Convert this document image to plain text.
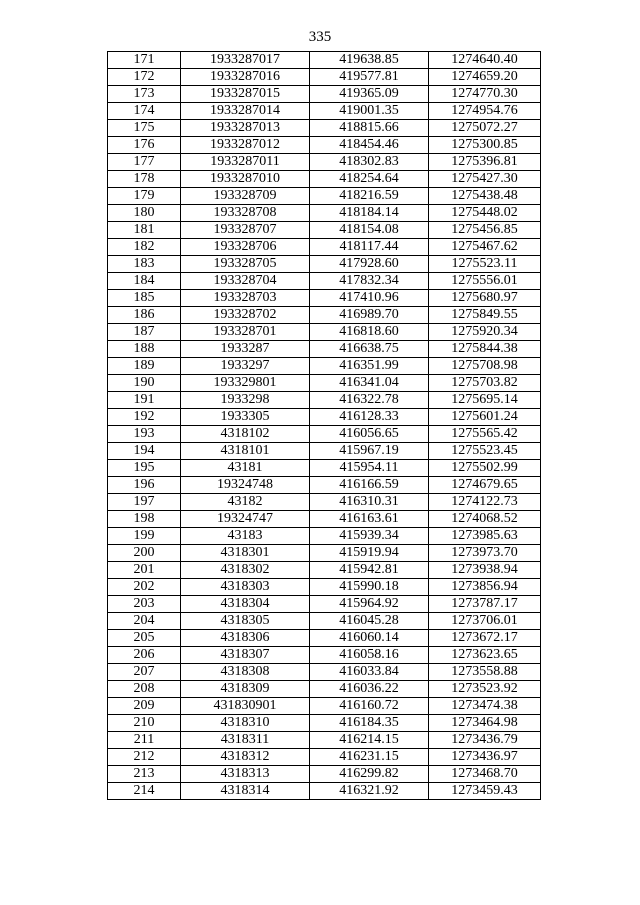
335
171	1933287017	419638.85	1274640.40
172	1933287016	419577.81	1274659.20
173	1933287015	419365.09	1274770.30
174	1933287014	419001.35	1274954.76
175	1933287013	418815.66	1275072.27
176	1933287012	418454.46	1275300.85
177	1933287011	418302.83	1275396.81
178	1933287010	418254.64	1275427.30
179	193328709	418216.59	1275438.48
180	193328708	418184.14	1275448.02
181	193328707	418154.08	1275456.85
182	193328706	418117.44	1275467.62
183	193328705	417928.60	1275523.11
184	193328704	417832.34	1275556.01
185	193328703	417410.96	1275680.97
186	193328702	416989.70	1275849.55
187	193328701	416818.60	1275920.34
188	1933287	416638.75	1275844.38
189	1933297	416351.99	1275708.98
190	193329801	416341.04	1275703.82
191	1933298	416322.78	1275695.14
192	1933305	416128.33	1275601.24
193	4318102	416056.65	1275565.42
194	4318101	415967.19	1275523.45
195	43181	415954.11	1275502.99
196	19324748	416166.59	1274679.65
197	43182	416310.31	1274122.73
198	19324747	416163.61	1274068.52
199	43183	415939.34	1273985.63
200	4318301	415919.94	1273973.70
201	4318302	415942.81	1273938.94
202	4318303	415990.18	1273856.94
203	4318304	415964.92	1273787.17
204	4318305	416045.28	1273706.01
205	4318306	416060.14	1273672.17
206	4318307	416058.16	1273623.65
207	4318308	416033.84	1273558.88
208	4318309	416036.22	1273523.92
209	431830901	416160.72	1273474.38
210	4318310	416184.35	1273464.98
211	4318311	416214.15	1273436.79
212	4318312	416231.15	1273436.97
213	4318313	416299.82	1273468.70
214	4318314	416321.92	1273459.43
